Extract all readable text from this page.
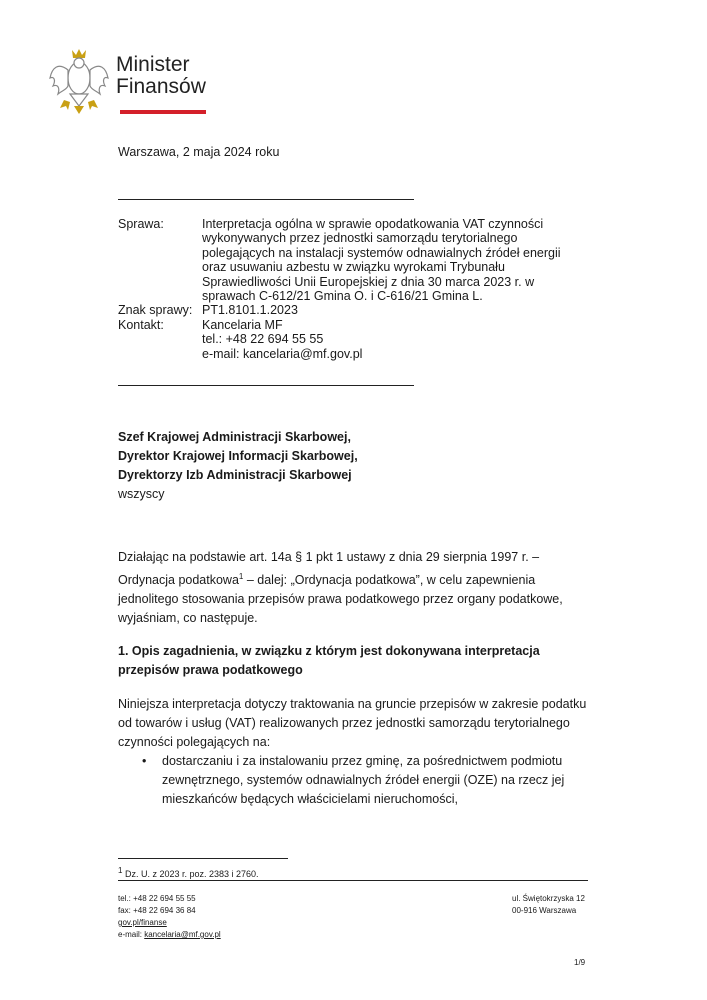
Minister
Finansów
Warszawa, 2 maja 2024 roku
Sprawa:	Interpretacja ogólna w sprawie opodatkowania VAT czynności wykonywanych przez jednostki samorządu terytorialnego polegających na instalacji systemów odnawialnych źródeł energii oraz usuwaniu azbestu w związku wyrokami Trybunału Sprawiedliwości Unii Europejskiej z dnia 30 marca 2023 r. w sprawach C-612/21 Gmina O. i C-616/21 Gmina L.
Znak sprawy: PT1.8101.1.2023
Kontakt:	Kancelaria MF
tel.: +48 22 694 55 55
e-mail: kancelaria@mf.gov.pl
Szef Krajowej Administracji Skarbowej,
Dyrektor Krajowej Informacji Skarbowej,
Dyrektorzy Izb Administracji Skarbowej
wszyscy
Działając na podstawie art. 14a § 1 pkt 1 ustawy z dnia 29 sierpnia 1997 r. – Ordynacja podatkowa$^1$ – dalej: „Ordynacja podatkowa”, w celu zapewnienia jednolitego stosowania przepisów prawa podatkowego przez organy podatkowe, wyjaśniam, co następuje.
1. Opis zagadnienia, w związku z którym jest dokonywana interpretacja przepisów prawa podatkowego
Niniejsza interpretacja dotyczy traktowania na gruncie przepisów w zakresie podatku od towarów i usług (VAT) realizowanych przez jednostki samorządu terytorialnego czynności polegających na:
• dostarczaniu i za instalowaniu przez gminę, za pośrednictwem podmiotu zewnętrznego, systemów odnawialnych źródeł energii (OZE) na rzecz jej mieszkańców będących właścicielami nieruchomości,
$^1$ Dz. U. z 2023 r. poz. 2383 i 2760.
tel.: +48 22 694 55 55
fax: +48 22 694 36 84
gov.pl/finanse
e-mail: kancelaria@mf.gov.pl
ul. Świętokrzyska 12
00-916 Warszawa
1/9
